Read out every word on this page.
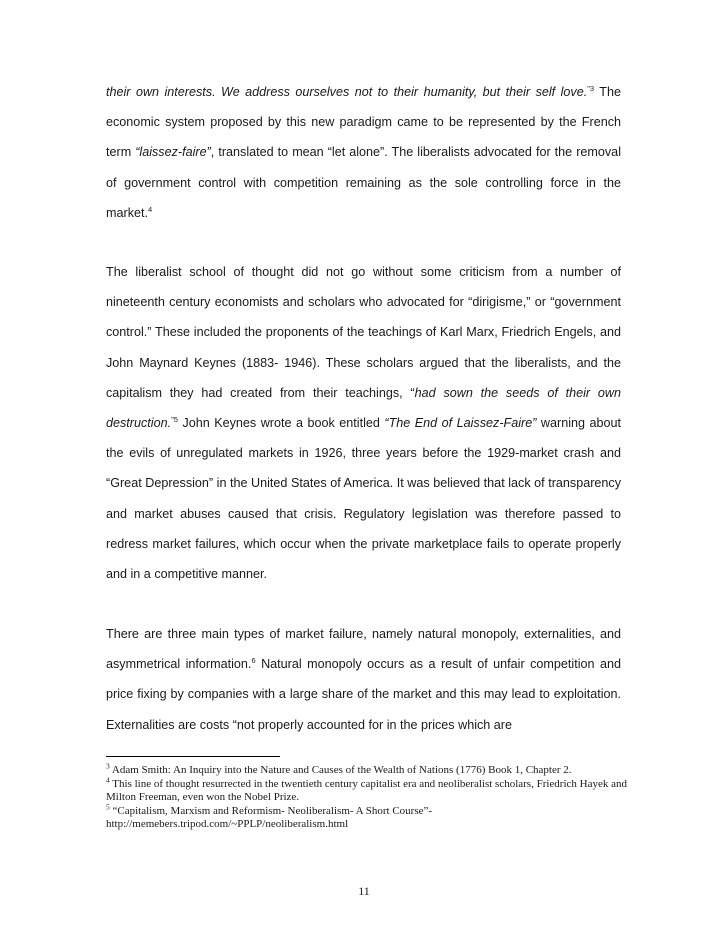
their own interests. We address ourselves not to their humanity, but their self love.$^{"3}$ The economic system proposed by this new paradigm came to be represented by the French term “laissez-faire”, translated to mean “let alone”. The liberalists advocated for the removal of government control with competition remaining as the sole controlling force in the market.$^4$

The liberalist school of thought did not go without some criticism from a number of nineteenth century economists and scholars who advocated for “dirigisme,” or “government control.” These included the proponents of the teachings of Karl Marx, Friedrich Engels, and John Maynard Keynes (1883- 1946). These scholars argued that the liberalists, and the capitalism they had created from their teachings, “had sown the seeds of their own destruction.$^{"5}$ John Keynes wrote a book entitled “The End of Laissez-Faire” warning about the evils of unregulated markets in 1926, three years before the 1929-market crash and “Great Depression” in the United States of America. It was believed that lack of transparency and market abuses caused that crisis. Regulatory legislation was therefore passed to redress market failures, which occur when the private marketplace fails to operate properly and in a competitive manner.

There are three main types of market failure, namely natural monopoly, externalities, and asymmetrical information.$^6$ Natural monopoly occurs as a result of unfair competition and price fixing by companies with a large share of the market and this may lead to exploitation. Externalities are costs “not properly accounted for in the prices which are

$^3$ Adam Smith: An Inquiry into the Nature and Causes of the Wealth of Nations (1776) Book 1, Chapter 2.

$^4$ This line of thought resurrected in the twentieth century capitalist era and neoliberalist scholars, Friedrich Hayek and Milton Freeman, even won the Nobel Prize.

$^5$ “Capitalism, Marxism and Reformism- Neoliberalism- A Short Course”- http://memebers.tripod.com/~PPLP/neoliberalism.html

11
